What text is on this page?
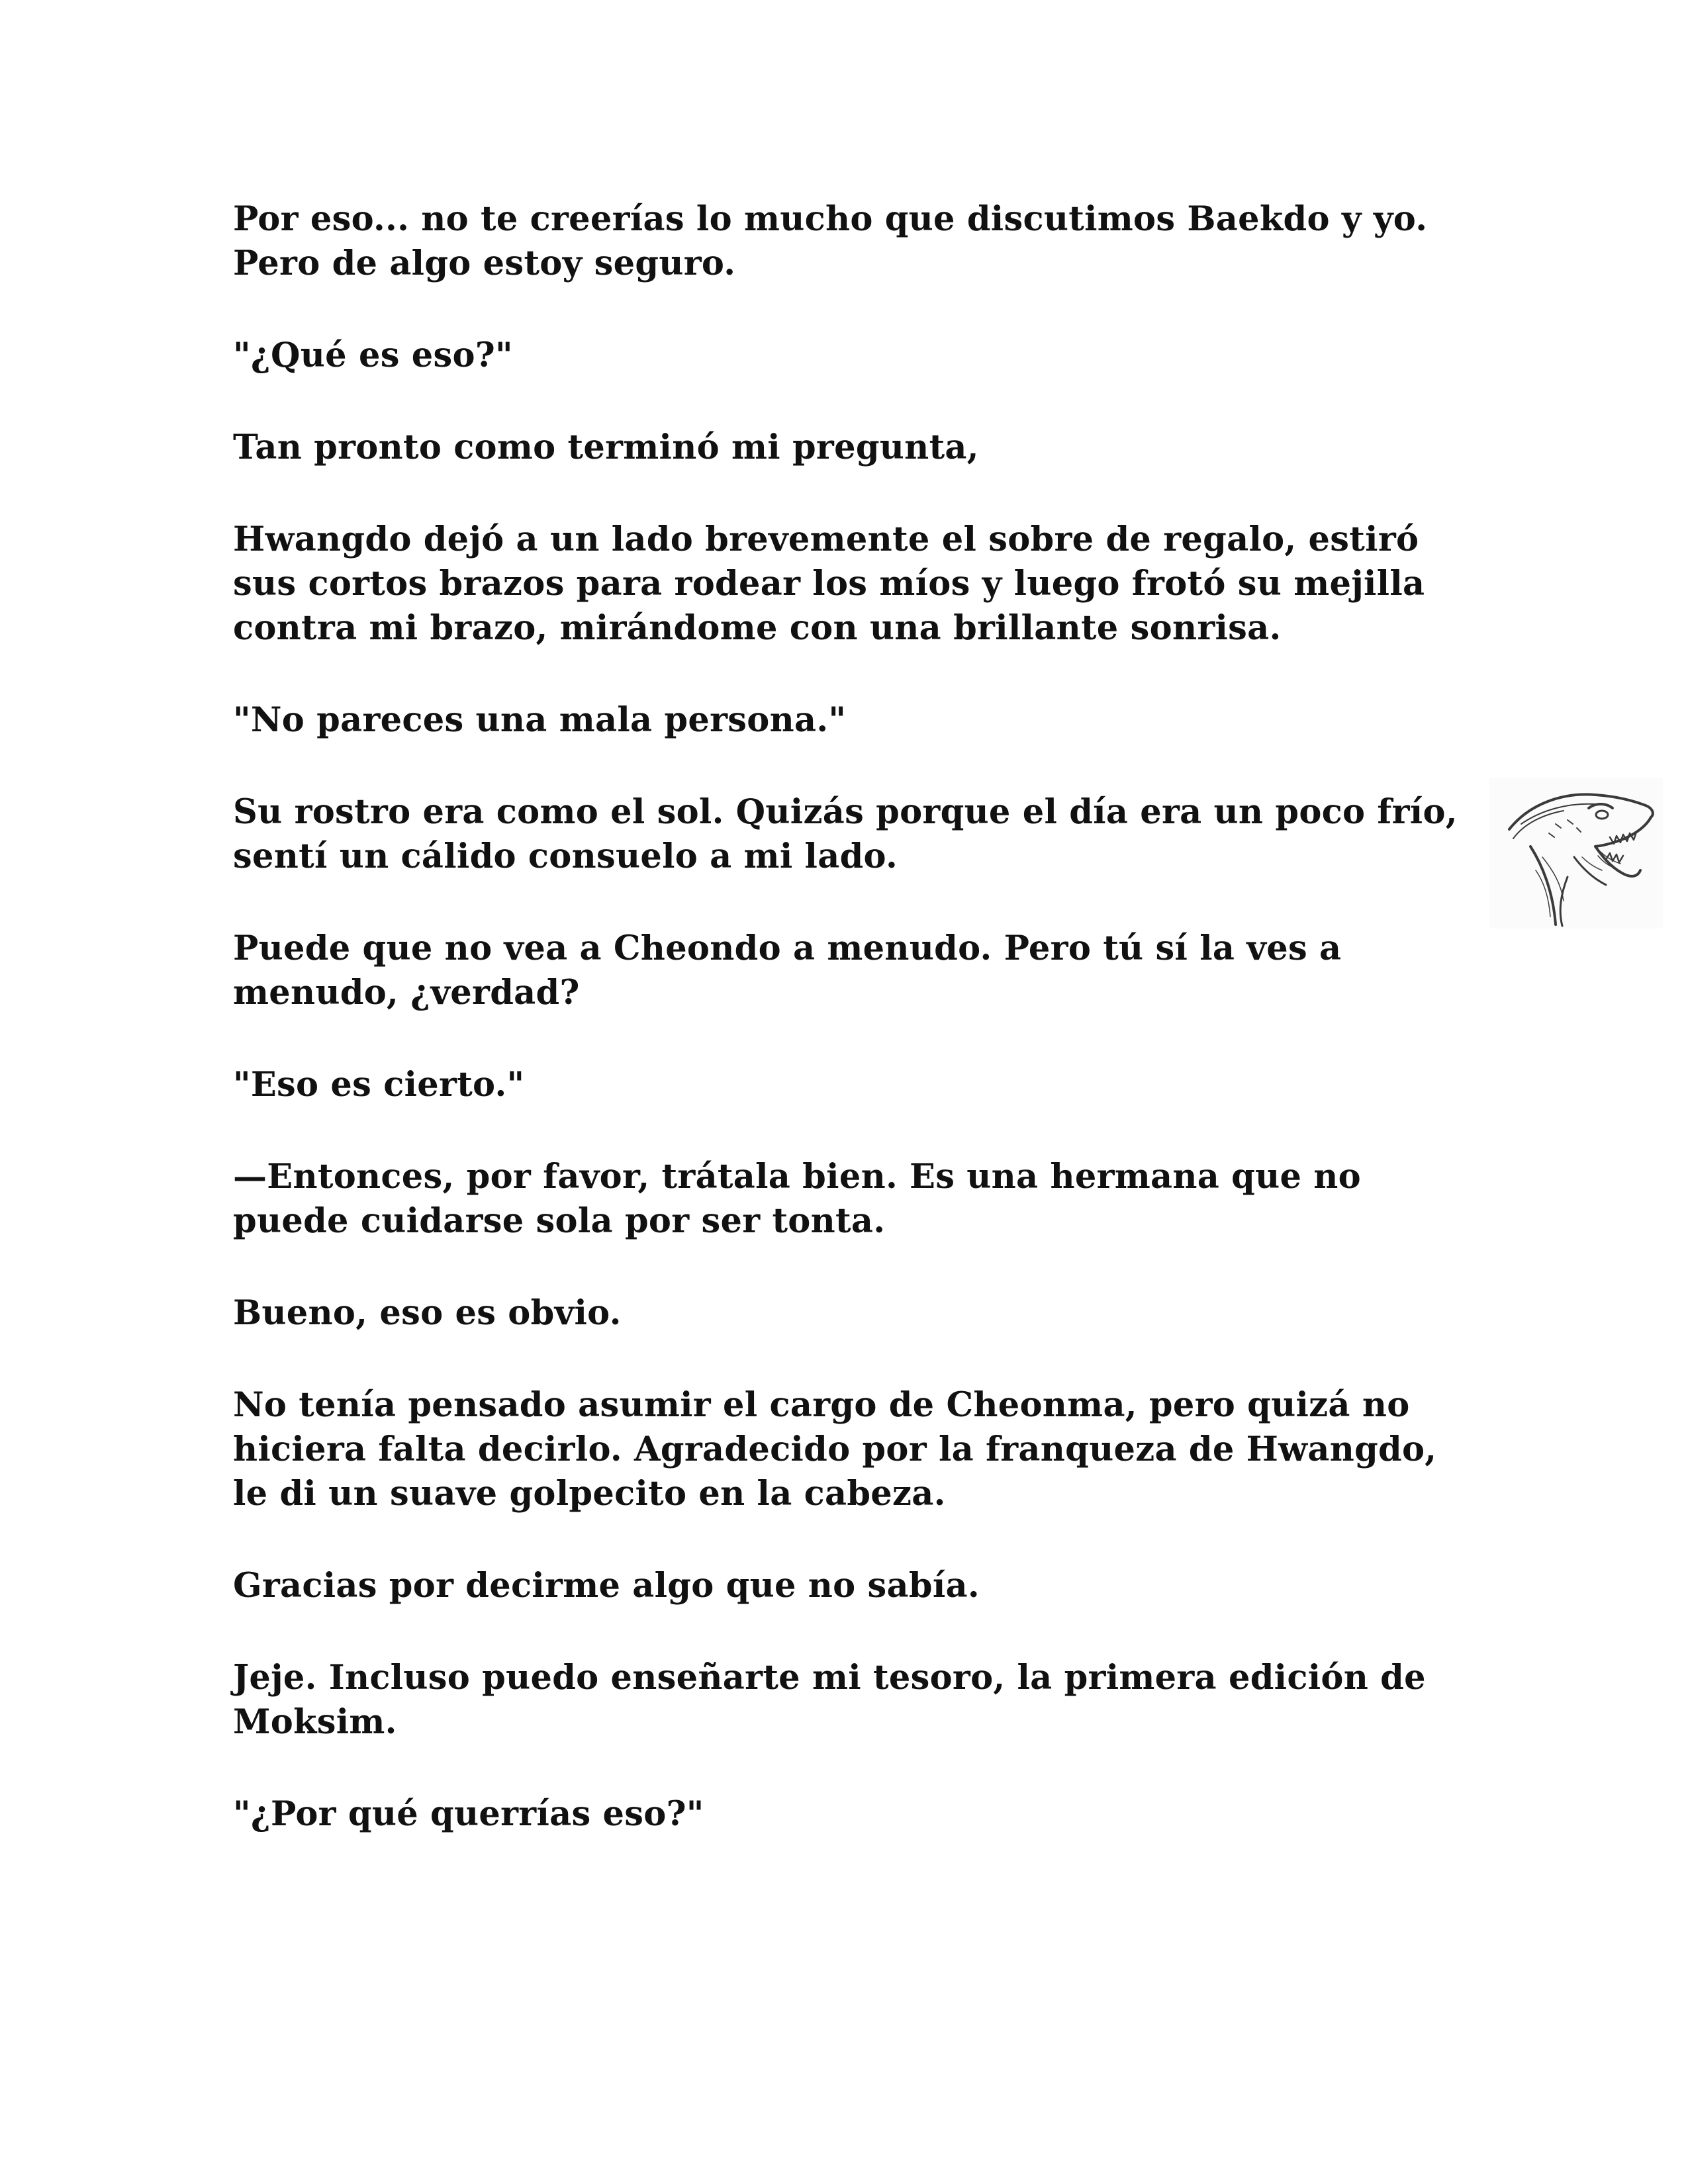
Por eso... no te creerías lo mucho que discutimos Baekdo y yo. Pero de algo estoy seguro.

"¿Qué es eso?"

Tan pronto como terminó mi pregunta,

Hwangdo dejó a un lado brevemente el sobre de regalo, estiró sus cortos brazos para rodear los míos y luego frotó su mejilla contra mi brazo, mirándome con una brillante sonrisa.

"No pareces una mala persona."

Su rostro era como el sol. Quizás porque el día era un poco frío, sentí un cálido consuelo a mi lado.

Puede que no vea a Cheondo a menudo. Pero tú sí la ves a menudo, ¿verdad?

"Eso es cierto."

—Entonces, por favor, trátala bien. Es una hermana que no puede cuidarse sola por ser tonta.

Bueno, eso es obvio.

No tenía pensado asumir el cargo de Cheonma, pero quizá no hiciera falta decirlo. Agradecido por la franqueza de Hwangdo, le di un suave golpecito en la cabeza.

Gracias por decirme algo que no sabía.

Jeje. Incluso puedo enseñarte mi tesoro, la primera edición de Moksim.

"¿Por qué querrías eso?"
